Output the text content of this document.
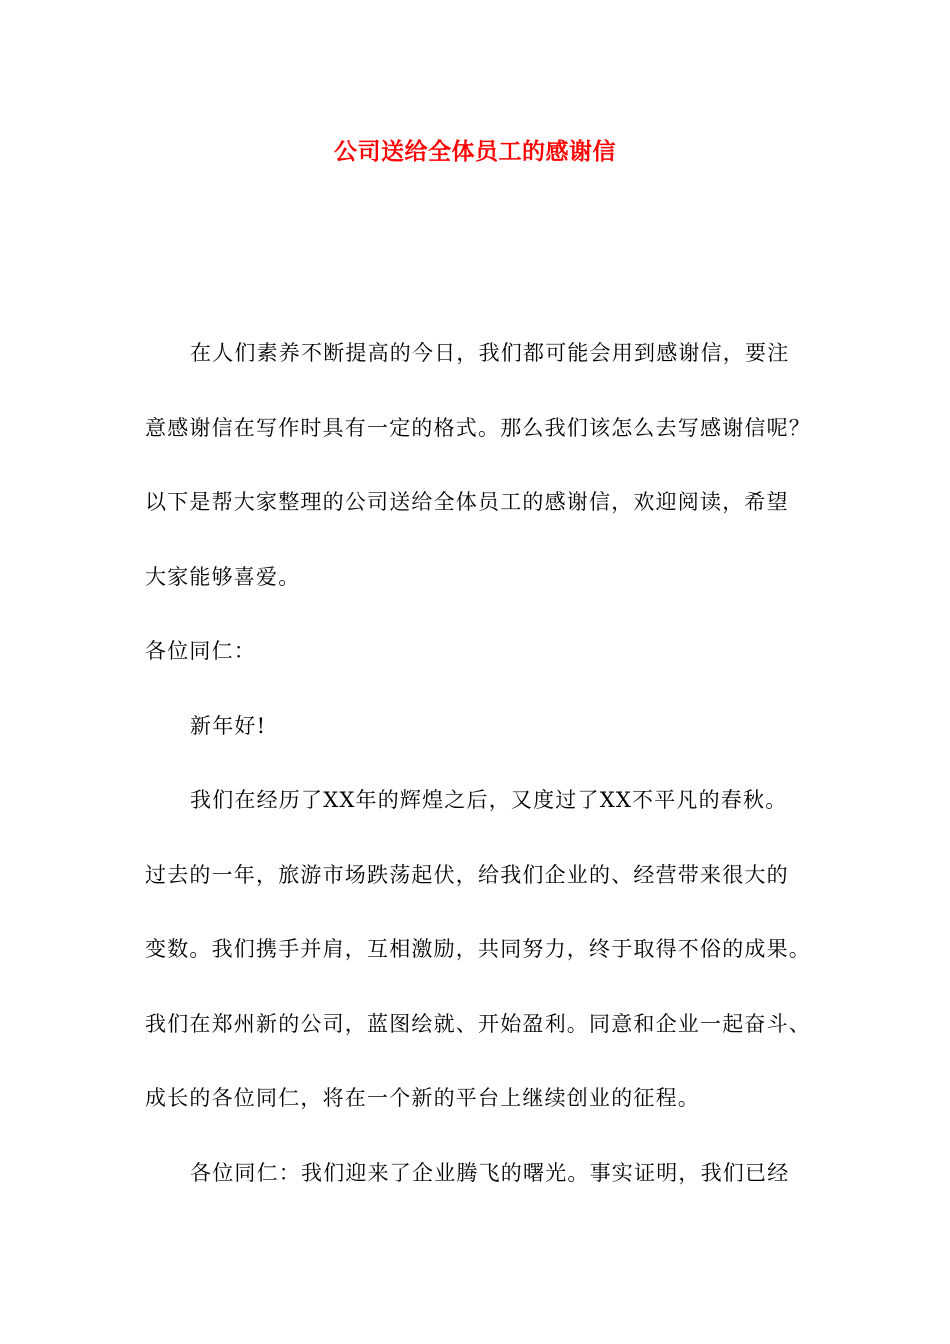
公司送给全体员工的感谢信
在人们素养不断提高的今日，我们都可能会用到感谢信，要注
意感谢信在写作时具有一定的格式。那么我们该怎么去写感谢信呢？
以下是帮大家整理的公司送给全体员工的感谢信，欢迎阅读，希望
大家能够喜爱。
各位同仁：
新年好!
我们在经历了XX年的辉煌之后，又度过了XX不平凡的春秋。
过去的一年，旅游市场跌荡起伏，给我们企业的、经营带来很大的
变数。我们携手并肩，互相激励，共同努力，终于取得不俗的成果。
我们在郑州新的公司，蓝图绘就、开始盈利。同意和企业一起奋斗、
成长的各位同仁，将在一个新的平台上继续创业的征程。
各位同仁：我们迎来了企业腾飞的曙光。事实证明，我们已经
